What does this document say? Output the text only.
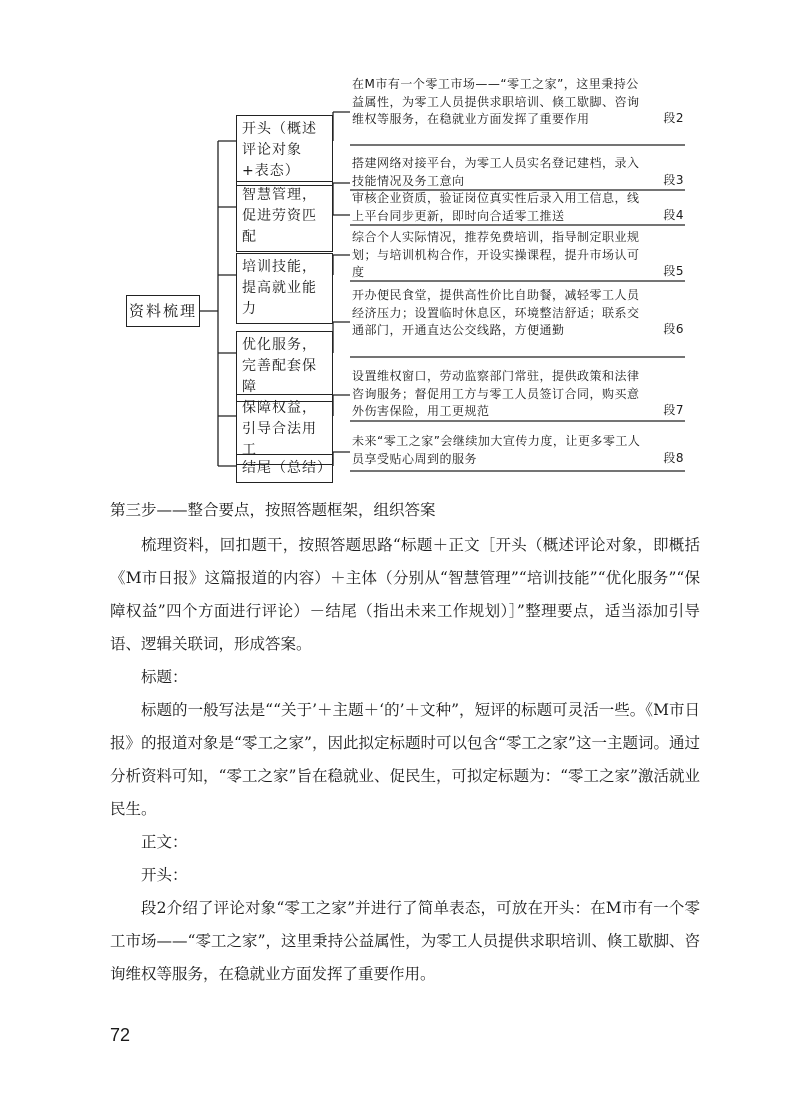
资料梳理
开头（概述评论对象+表态）
智慧管理，促进劳资匹配
培训技能，提高就业能力
优化服务，完善配套保障
保障权益，引导合法用工
结尾（总结）
在M市有一个零工市场——“零工之家”，这里秉持公益属性，为零工人员提供求职培训、倏工歇脚、咨询维权等服务，在稳就业方面发挥了重要作用	段2
搭建网络对接平台，为零工人员实名登记建档，录入技能情况及务工意向	段3
审核企业资质，验证岗位真实性后录入用工信息，线上平台同步更新，即时向合适零工推送	段4
综合个人实际情况，推荐免费培训，指导制定职业规划；与培训机构合作，开设实操课程，提升市场认可度	段5
开办便民食堂，提供高性价比自助餐，减轻零工人员经济压力；设置临时休息区，环境整洁舒适；联系交通部门，开通直达公交线路，方便通勤	段6
设置维权窗口，劳动监察部门常驻，提供政策和法律咨询服务；督促用工方与零工人员签订合同，购买意外伤害保险，用工更规范	段7
未来“零工之家”会继续加大宣传力度，让更多零工人员享受贴心周到的服务	段8
第三步——整合要点，按照答题框架，组织答案

梳理资料，回扣题干，按照答题思路“标题＋正文［开头（概述评论对象，即概括《M市日报》这篇报道的内容）＋主体（分别从“智慧管理”“培训技能”“优化服务”“保障权益”四个方面进行评论）－结尾（指出未来工作规划）］”整理要点，适当添加引导语、逻辑关联词，形成答案。

标题：

标题的一般写法是““关于’＋主题＋‘的’＋文种”，短评的标题可灵活一些。《M市日报》的报道对象是“零工之家”，因此拟定标题时可以包含“零工之家”这一主题词。通过分析资料可知，“零工之家”旨在稳就业、促民生，可拟定标题为：“零工之家”激活就业民生。

正文：

开头：

段2介绍了评论对象“零工之家”并进行了简单表态，可放在开头：在M市有一个零工市场——“零工之家”，这里秉持公益属性，为零工人员提供求职培训、倏工歇脚、咨询维权等服务，在稳就业方面发挥了重要作用。

72
